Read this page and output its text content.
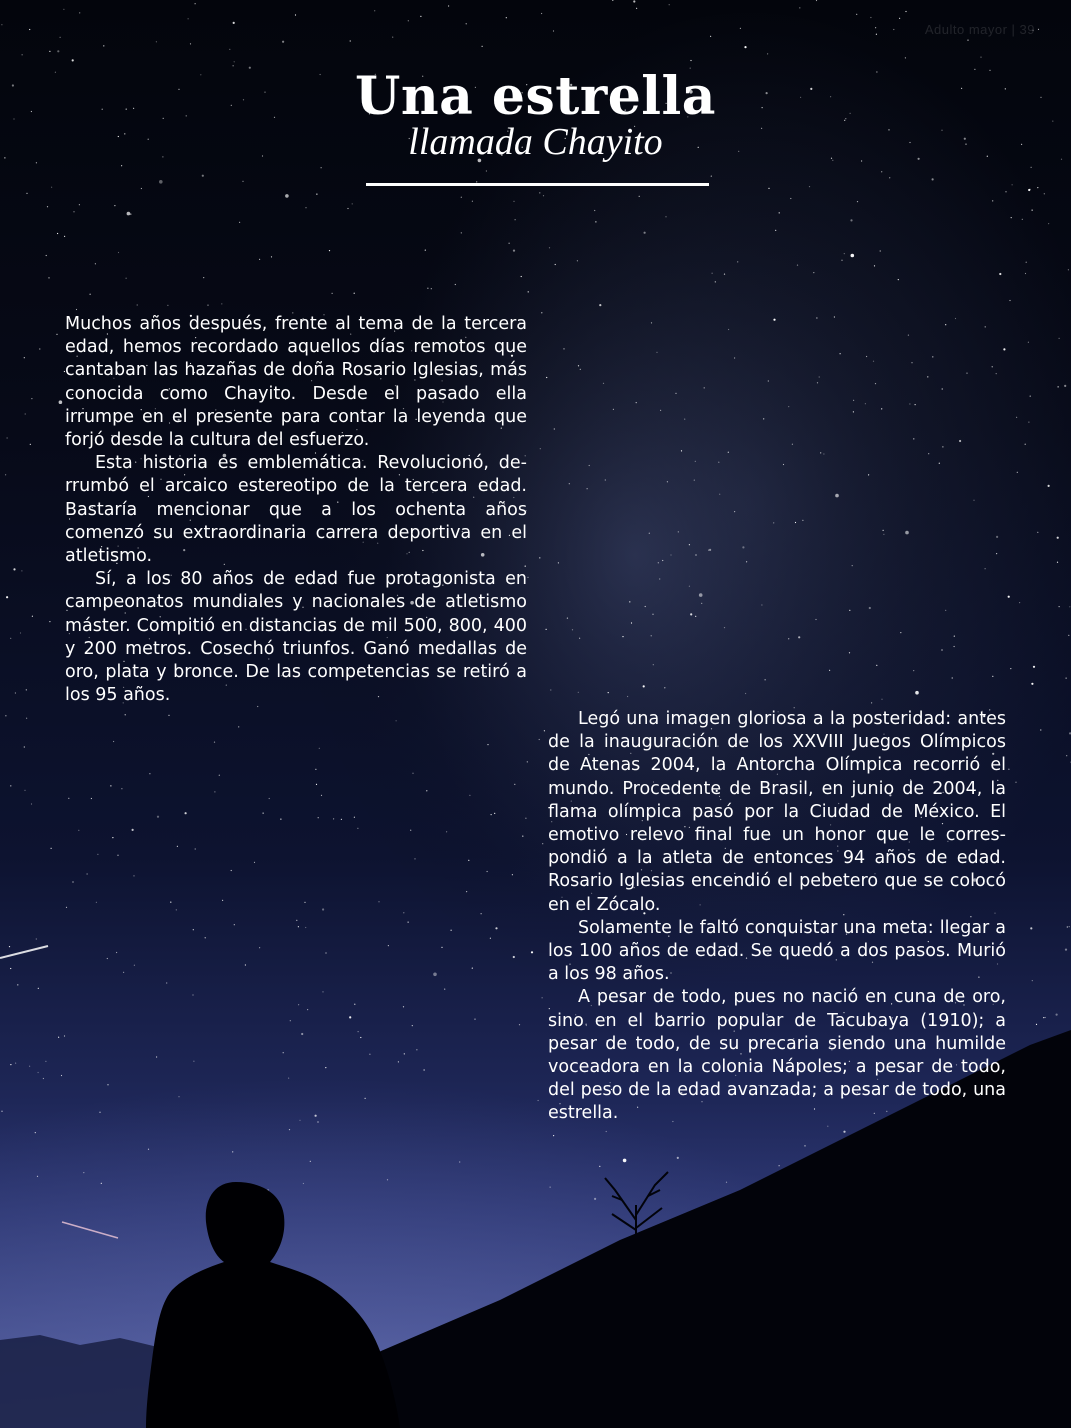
Adulto mayor | 39
Una estrella
llamada Chayito

Muchos años después, frente al tema de la tercera edad, hemos recordado aquellos días remotos que cantaban las hazañas de doña Rosario Iglesias, más conocida como Chayito. Desde el pasado ella irrumpe en el presente para contar la leyenda que forjó desde la cultura del esfuerzo.

Esta historia es emblemática. Revolucionó, derrumbó el arcaico estereotipo de la tercera edad. Bastaría mencionar que a los ochenta años comenzó su extraordinaria carrera deportiva en el atletismo.

Sí, a los 80 años de edad fue protagonista en campeonatos mundiales y nacionales de atletismo máster. Compitió en distancias de mil 500, 800, 400 y 200 metros. Cosechó triunfos. Ganó medallas de oro, plata y bronce. De las competencias se retiró a los 95 años.

Legó una imagen gloriosa a la posteridad: antes de la inauguración de los XXVIII Juegos Olímpicos de Atenas 2004, la Antorcha Olímpica recorrió el mundo. Procedente de Brasil, en junio de 2004, la flama olímpica pasó por la Ciudad de México. El emotivo relevo final fue un honor que le correspondió a la atleta de entonces 94 años de edad. Rosario Iglesias encendió el pebetero que se colocó en el Zócalo.

Solamente le faltó conquistar una meta: llegar a los 100 años de edad. Se quedó a dos pasos. Murió a los 98 años.

A pesar de todo, pues no nació en cuna de oro, sino en el barrio popular de Tacubaya (1910); a pesar de todo, de su precaria siendo una humilde voceadora en la colonia Nápoles; a pesar de todo, del peso de la edad avanzada; a pesar de todo, una estrella.
